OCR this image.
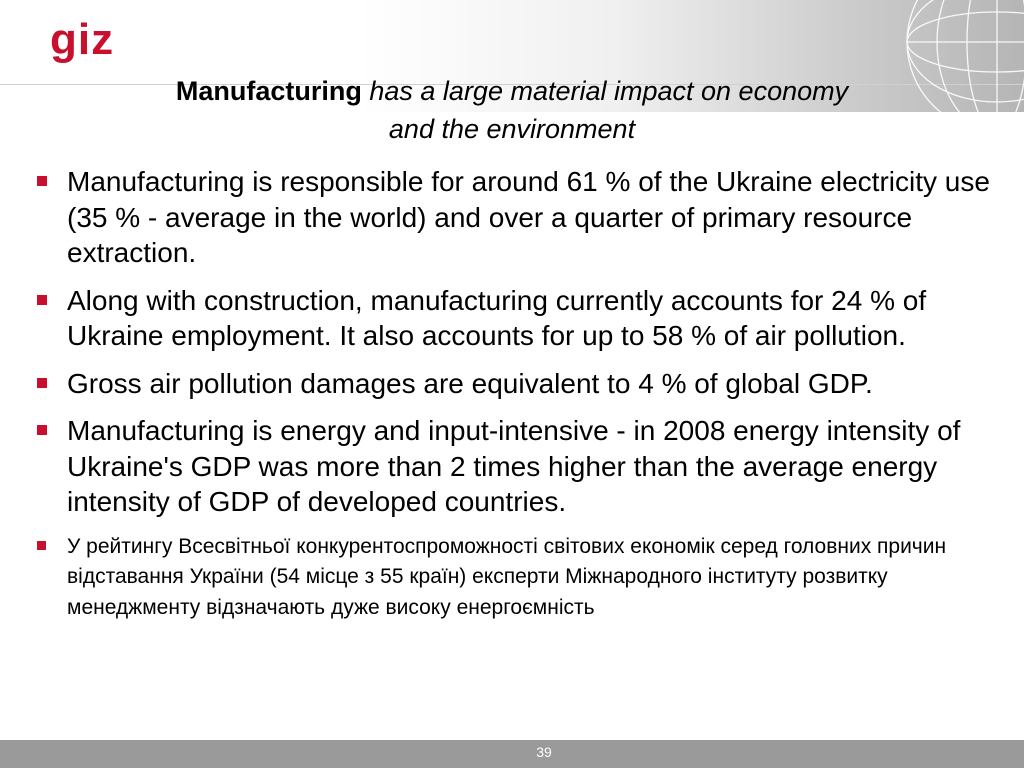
giz
Manufacturing has a large material impact on economy
and the environment
Manufacturing is responsible for around 61 % of the Ukraine electricity use (35 % - average in the world) and over a quarter of primary resource extraction.
Along with construction, manufacturing currently accounts for 24 % of Ukraine employment. It also accounts for up to 58 % of air pollution.
Gross air pollution damages are equivalent to 4 % of global GDP.
Manufacturing is energy and input-intensive - in 2008 energy intensity of Ukraine's GDP was more than 2 times higher than the average energy intensity of GDP of developed countries.
У рейтингу Всесвітньої конкурентоспроможності світових економік серед головних причин відставання України (54 місце з 55 країн) експерти Міжнародного інституту розвитку менеджменту відзначають дуже високу енергоємність
39
